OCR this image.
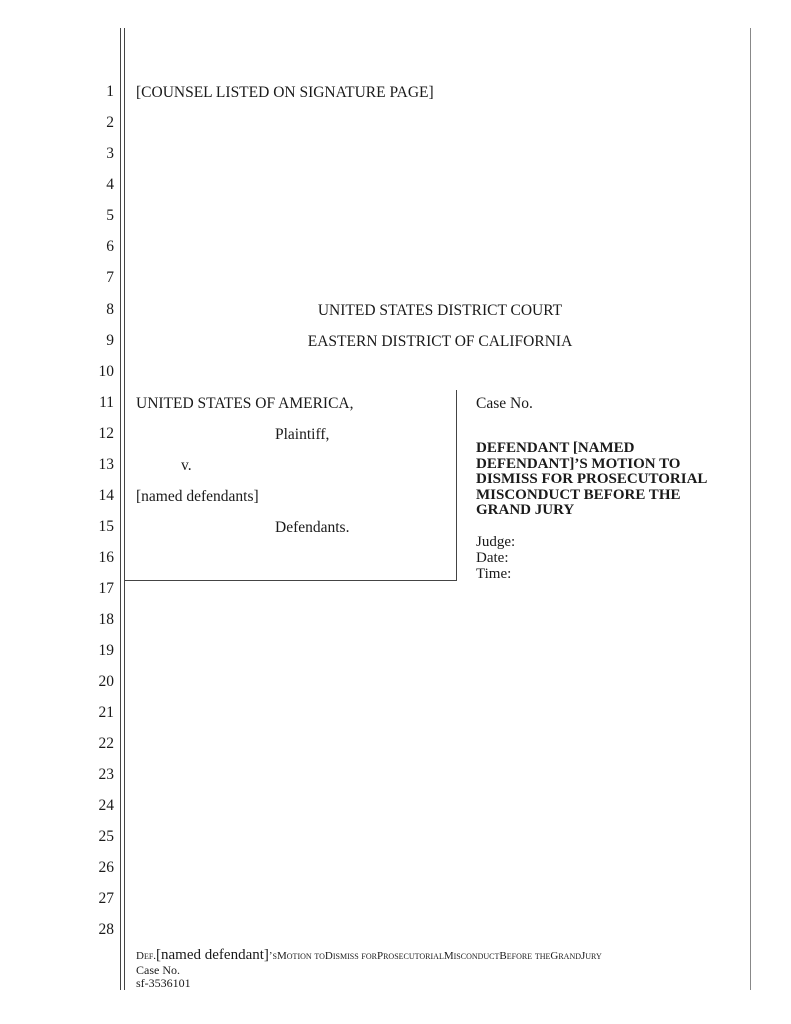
1
2
3
4
5
6
7
8
9
10
11
12
13
14
15
16
17
18
19
20
21
22
23
24
25
26
27
28
[COUNSEL LISTED ON SIGNATURE PAGE]
UNITED STATES DISTRICT COURT
EASTERN DISTRICT OF CALIFORNIA
UNITED STATES OF AMERICA,
Plaintiff,
v.
[named defendants]
Defendants.
Case No.
DEFENDANT [NAMED DEFENDANT]’S MOTION TO DISMISS FOR PROSECUTORIAL MISCONDUCT BEFORE THE GRAND JURY
Judge:
Date:
Time:
Def.[named defendant]’sMotion toDismiss forProsecutorialMisconductBefore theGrandJury
Case No.
sf-3536101
